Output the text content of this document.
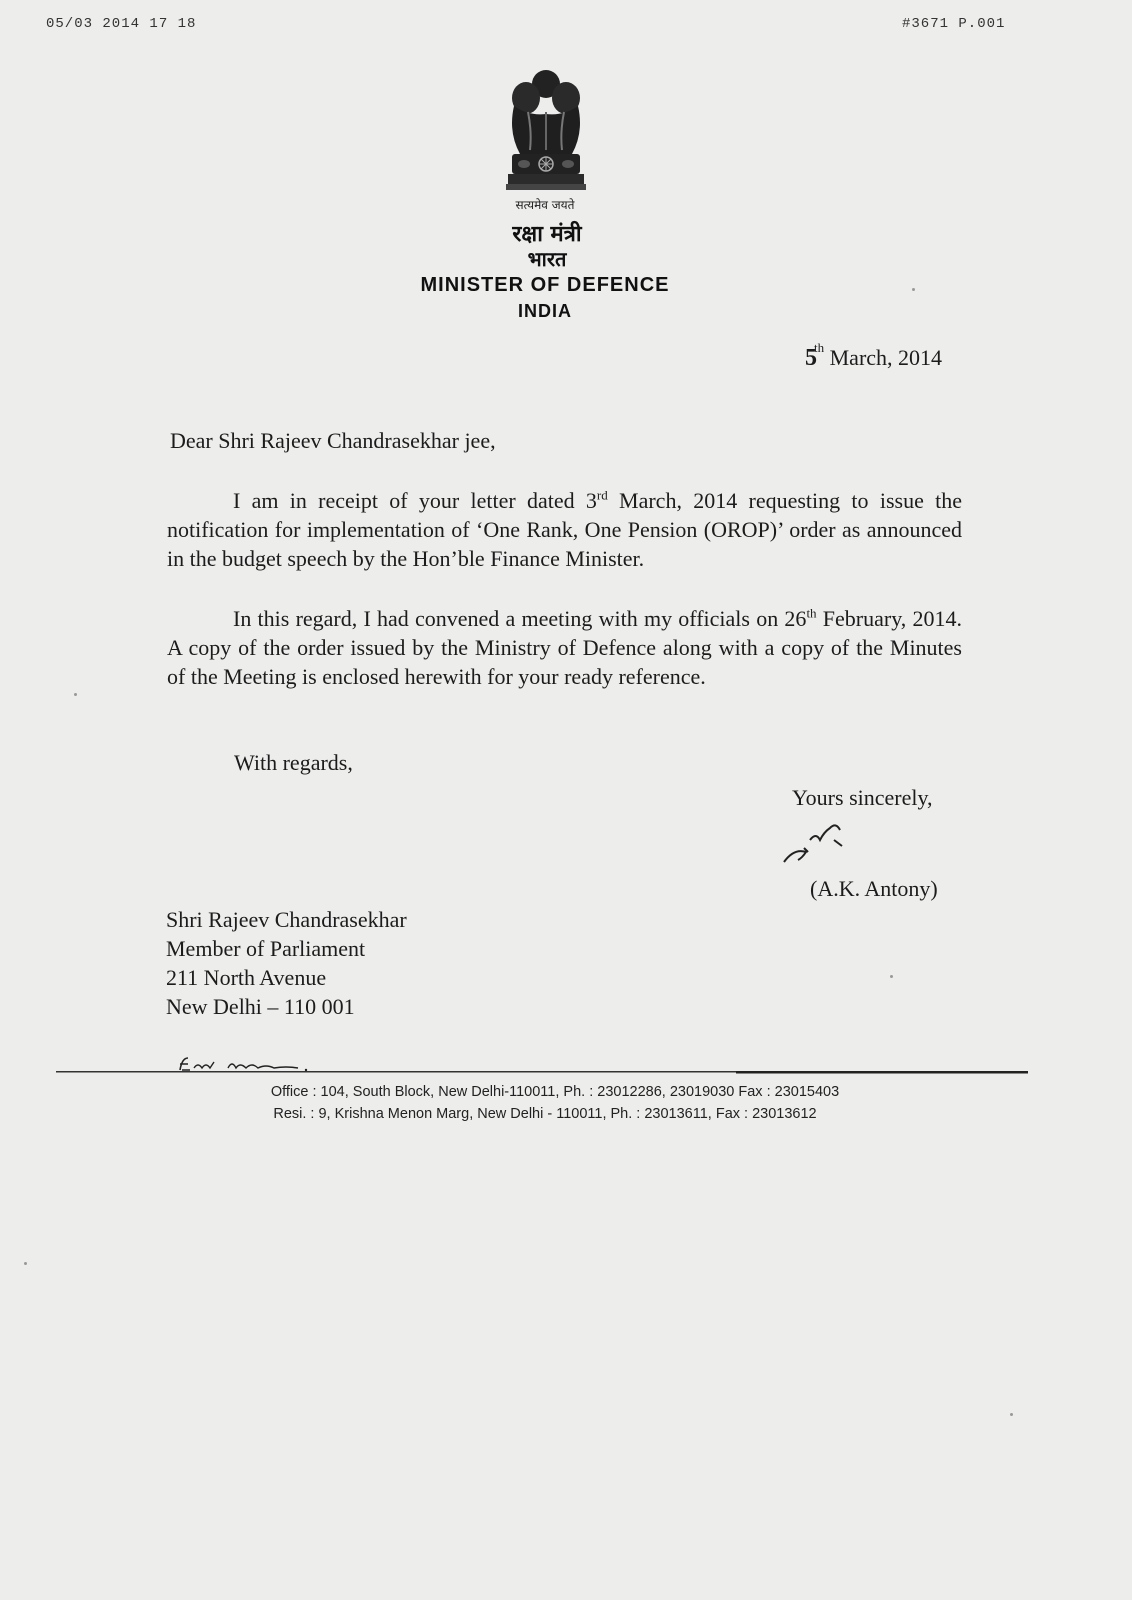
05/03 2014 17 18	#3671 P.001
सत्यमेव जयते
रक्षा मंत्री
भारत
MINISTER OF DEFENCE
INDIA
5th March, 2014
Dear Shri Rajeev Chandrasekhar jee,

I am in receipt of your letter dated 3rd March, 2014 requesting to issue the notification for implementation of ‘One Rank, One Pension (OROP)’ order as announced in the budget speech by the Hon’ble Finance Minister.

In this regard, I had convened a meeting with my officials on 26th February, 2014. A copy of the order issued by the Ministry of Defence along with a copy of the Minutes of the Meeting is enclosed herewith for your ready reference.

With regards,
Yours sincerely,
(A.K. Antony)
Shri Rajeev Chandrasekhar
Member of Parliament
211 North Avenue
New Delhi – 110 001
Office : 104, South Block, New Delhi-110011, Ph. : 23012286, 23019030 Fax : 23015403
Resi. : 9, Krishna Menon Marg, New Delhi - 110011, Ph. : 23013611, Fax : 23013612
